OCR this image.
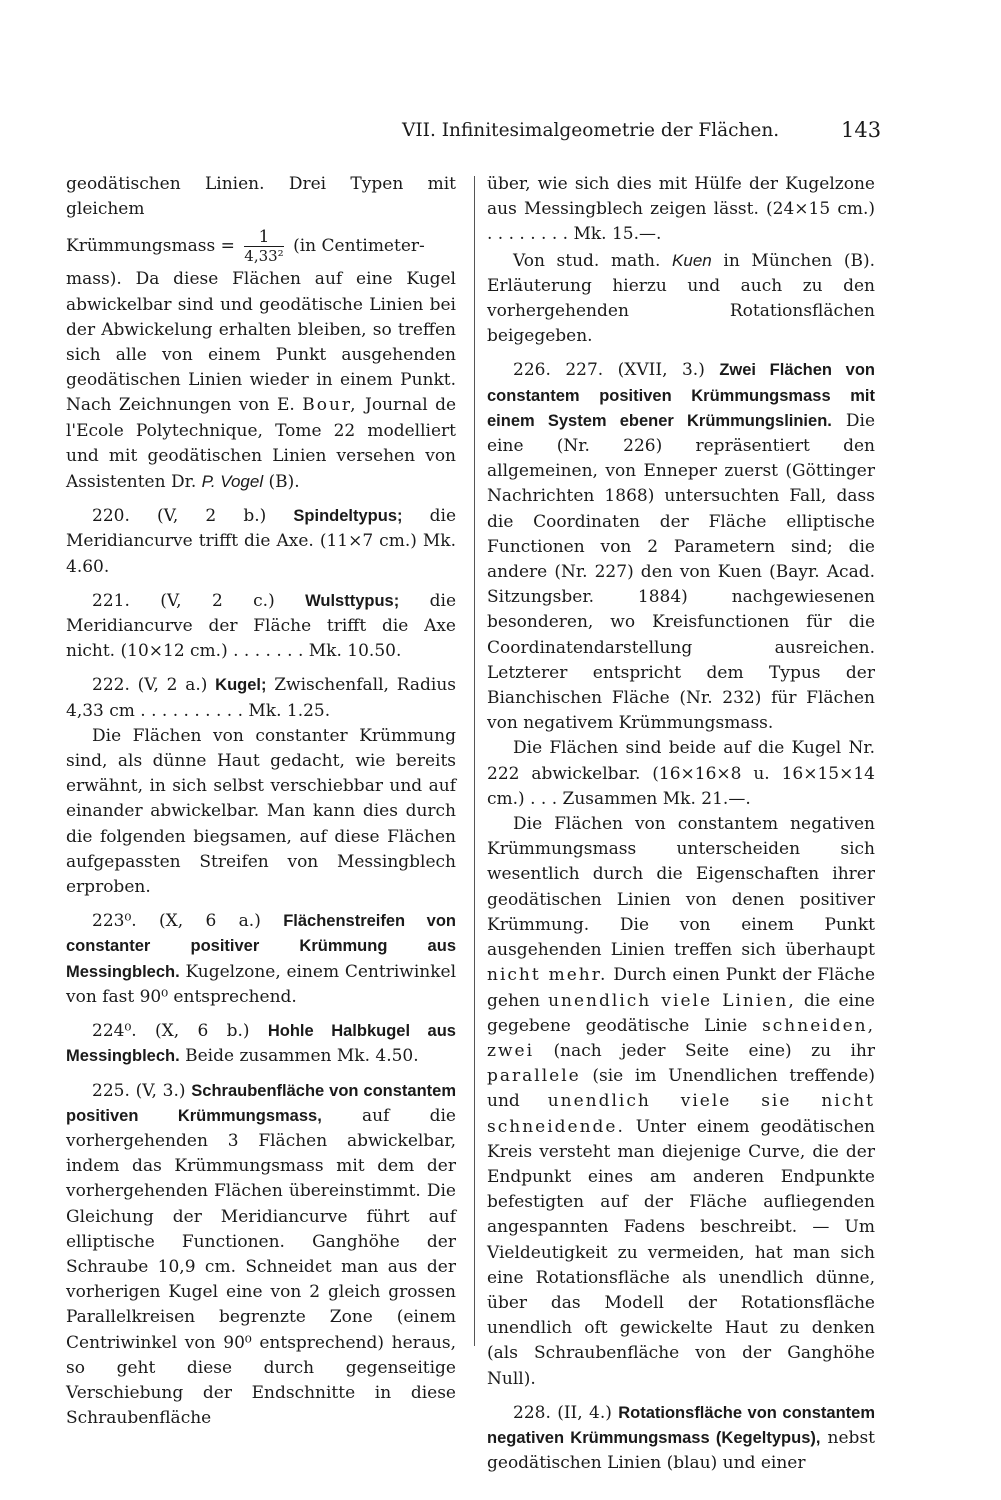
VII. Infinitesimalgeometrie der Flächen.	143

geodätischen Linien. Drei Typen mit gleichem
Krümmungsmass = $\frac{1}{\text{4,33²}} (in$ Centimeter-
mass). Da diese Flächen auf eine Kugel abwickelbar sind und geodätische Linien bei der Abwickelung erhalten bleiben, so treffen sich alle von einem Punkt ausgehenden geodätischen Linien wieder in einem Punkt. Nach Zeichnungen von E. Bour, Journal de l'Ecole Polytechnique, Tome 22 modelliert und mit geodätischen Linien versehen von Assistenten Dr. P. Vogel (B).

220. (V, 2 b.) Spindeltypus; die Meridiancurve trifft die Axe. (11×7 cm.) Mk. 4.60.

221. (V, 2 c.) Wulsttypus; die Meridiancurve der Fläche trifft die Axe nicht. (10×12 cm.) . . . . . . . Mk. 10.50.

222. (V, 2 a.) Kugel; Zwischenfall, Radius 4,33 cm . . . . . . . . . . Mk. 1.25.

Die Flächen von constanter Krümmung sind, als dünne Haut gedacht, wie bereits erwähnt, in sich selbst verschiebbar und auf einander abwickelbar. Man kann dies durch die folgenden biegsamen, auf diese Flächen aufgepassten Streifen von Messingblech erproben.

223⁰. (X, 6 a.) Flächenstreifen von constanter positiver Krümmung aus Messingblech. Kugelzone, einem Centriwinkel von fast 90⁰ entsprechend.

224⁰. (X, 6 b.) Hohle Halbkugel aus Messingblech. Beide zusammen Mk. 4.50.

225. (V, 3.) Schraubenfläche von constantem positiven Krümmungsmass, auf die vorhergehenden 3 Flächen abwickelbar, indem das Krümmungsmass mit dem der vorhergehenden Flächen übereinstimmt. Die Gleichung der Meridiancurve führt auf elliptische Functionen. Ganghöhe der Schraube 10,9 cm. Schneidet man aus der vorherigen Kugel eine von 2 gleich grossen Parallelkreisen begrenzte Zone (einem Centriwinkel von 90⁰ entsprechend) heraus, so geht diese durch gegenseitige Verschiebung der Endschnitte in diese Schraubenfläche

über, wie sich dies mit Hülfe der Kugelzone aus Messingblech zeigen lässt. (24×15 cm.) . . . . . . . . Mk. 15.—.

Von stud. math. Kuen in München (B). Erläuterung hierzu und auch zu den vorhergehenden Rotationsflächen beigegeben.

226. 227. (XVII, 3.) Zwei Flächen von constantem positiven Krümmungsmass mit einem System ebener Krümmungslinien. Die eine (Nr. 226) repräsentiert den allgemeinen, von Enneper zuerst (Göttinger Nachrichten 1868) untersuchten Fall, dass die Coordinaten der Fläche elliptische Functionen von 2 Parametern sind; die andere (Nr. 227) den von Kuen (Bayr. Acad. Sitzungsber. 1884) nachgewiesenen besonderen, wo Kreisfunctionen für die Coordinatendarstellung ausreichen. Letzterer entspricht dem Typus der Bianchischen Fläche (Nr. 232) für Flächen von negativem Krümmungsmass.

Die Flächen sind beide auf die Kugel Nr. 222 abwickelbar. (16×16×8 u. 16×15×14 cm.) . . . Zusammen Mk. 21.—.

Die Flächen von constantem negativen Krümmungsmass unterscheiden sich wesentlich durch die Eigenschaften ihrer geodätischen Linien von denen positiver Krümmung. Die von einem Punkt ausgehenden Linien treffen sich überhaupt nicht mehr. Durch einen Punkt der Fläche gehen unendlich viele Linien, die eine gegebene geodätische Linie schneiden, zwei (nach jeder Seite eine) zu ihr parallele (sie im Unendlichen treffende) und unendlich viele sie nicht schneidende. Unter einem geodätischen Kreis versteht man diejenige Curve, die der Endpunkt eines am anderen Endpunkte befestigten auf der Fläche aufliegenden angespannten Fadens beschreibt. — Um Vieldeutigkeit zu vermeiden, hat man sich eine Rotationsfläche als unendlich dünne, über das Modell der Rotationsfläche unendlich oft gewickelte Haut zu denken (als Schraubenfläche von der Ganghöhe Null).

228. (II, 4.) Rotationsfläche von constantem negativen Krümmungsmass (Kegeltypus), nebst geodätischen Linien (blau) und einer
